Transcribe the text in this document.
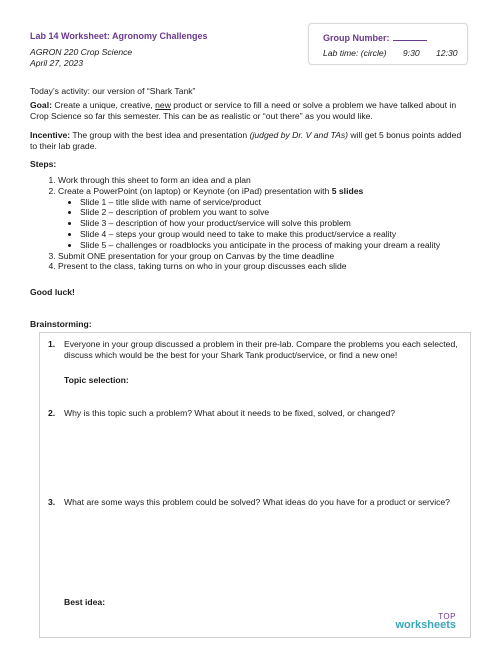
Lab 14 Worksheet: Agronomy Challenges
AGRON 220 Crop Science
April 27, 2023
Group Number:
Lab time: (circle) 9:30 12:30
Today’s activity: our version of “Shark Tank”
Goal: Create a unique, creative, new product or service to fill a need or solve a problem we have talked about in Crop Science so far this semester. This can be as realistic or “out there” as you would like.
Incentive: The group with the best idea and presentation (judged by Dr. V and TAs) will get 5 bonus points added to their lab grade.
Steps:
1. Work through this sheet to form an idea and a plan
2. Create a PowerPoint (on laptop) or Keynote (on iPad) presentation with 5 slides
• Slide 1 – title slide with name of service/product
• Slide 2 – description of problem you want to solve
• Slide 3 – description of how your product/service will solve this problem
• Slide 4 – steps your group would need to take to make this product/service a reality
• Slide 5 – challenges or roadblocks you anticipate in the process of making your dream a reality
3. Submit ONE presentation for your group on Canvas by the time deadline
4. Present to the class, taking turns on who in your group discusses each slide
Good luck!
Brainstorming:
1. Everyone in your group discussed a problem in their pre-lab. Compare the problems you each selected, discuss which would be the best for your Shark Tank product/service, or find a new one!
Topic selection:
2. Why is this topic such a problem? What about it needs to be fixed, solved, or changed?
3. What are some ways this problem could be solved? What ideas do you have for a product or service?
Best idea:
TOP
worksheets
